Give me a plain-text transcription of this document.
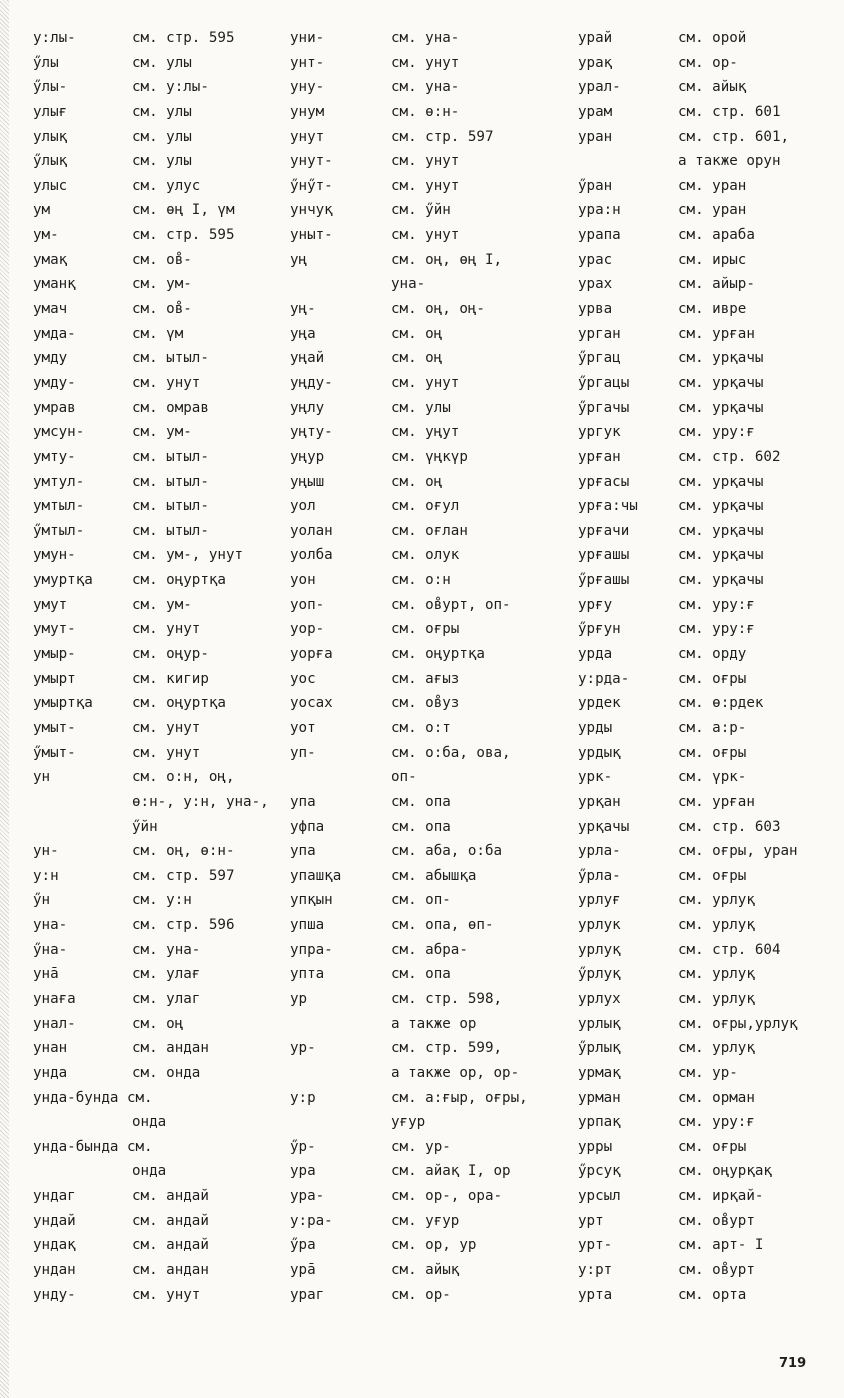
у:лы-	см. стр. 595
ӳлы	см. улы
ӳлы-	см. у:лы-
улығ	см. улы
улық	см. улы
ӳлық	см. улы
улыс	см. улус
ум	см. өң I, үм
ум-	см. стр. 595
умақ	см. ов̊-
уманқ	см. ум-
умач	см. ов̊-
умда-	см. үм
умду	см. ытыл-
умду-	см. унут
умрав	см. омрав
умсун-	см. ум-
умту-	см. ытыл-
умтул-	см. ытыл-
умтыл-	см. ытыл-
ӳмтыл-	см. ытыл-
умун-	см. ум-, унут
умуртқа	см. оңуртқа
умут	см. ум-
умут-	см. унут
умыр-	см. оңур-
умырт	см. кигир
умыртқа	см. оңуртқа
умыт-	см. унут
ӳмыт-	см. унут
ун	см. о:н, оң,
ө:н-, у:н, уна-,
ӳйн
ун-	см. оң, ө:н-
у:н	см. стр. 597
ӳн	см. у:н
уна-	см. стр. 596
ӳна-	см. уна-
унā	см. улағ
унаға	см. улаг
унал-	см. оң
унан	см. андан
унда	см. онда
унда-бунда см.
онда
унда-бында см.
онда
ундаг	см. андай
ундай	см. андай
ундақ	см. андай
ундан	см. андан
унду-	см. унут
уни-	см. уна-
унт-	см. унут
уну-	см. уна-
унум	см. ө:н-
унут	см. стр. 597
унут-	см. унут
ӳнӳт-	см. унут
унчуқ	см. ӳйн
уныт-	см. унут
уң	см. оң, өң I,
уна-
уң-	см. оң, оң-
уңа	см. оң
уңай	см. оң
уңду-	см. унут
уңлу	см. улы
уңту-	см. уңут
уңур	см. үңкүр
уңыш	см. оң
уол	см. оғул
уолан	см. оғлан
уолба	см. олук
уон	см. о:н
уоп-	см. ов̊урт, оп-
уор-	см. оғры
уорға	см. оңуртқа
уос	см. ағыз
уосах	см. ов̊уз
уот	см. о:т
уп-	см. о:ба, ова,
оп-
упа	см. опа
уфпа	см. опа
упа	см. аба, о:ба
упашқа	см. абышқа
упқын	см. оп-
упша	см. опа, өп-
упра-	см. абра-
упта	см. опа
ур	см. стр. 598,
а также ор
ур-	см. стр. 599,
а также ор, ор-
у:р	см. а:ғыр, оғры,
уғур
ӳр-	см. ур-
ура	см. айақ I, ор
ура-	см. ор-, ора-
у:ра-	см. уғур
ӳра	см. ор, ур
урā	см. айық
ураг	см. ор-
урай	см. орой
урақ	см. ор-
урал-	см. айық
урам	см. стр. 601
уран	см. стр. 601,
а также орун
ӳран	см. уран
ура:н	см. уран
урапа	см. араба
урас	см. ирыс
урах	см. айыр-
урва	см. ивре
урган	см. урған
ӳргац	см. урқачы
ӳргацы	см. урқачы
ӳргачы	см. урқачы
ургук	см. уру:ғ
урған	см. стр. 602
урғасы	см. урқачы
урға:чы	см. урқачы
урғачи	см. урқачы
урғашы	см. урқачы
ӳрғашы	см. урқачы
урғу	см. уру:ғ
ӳрғун	см. уру:ғ
урда	см. орду
у:рда-	см. оғры
урдек	см. ө:рдек
урды	см. а:р-
урдық	см. оғры
урк-	см. үрк-
урқан	см. урған
урқачы	см. стр. 603
урла-	см. оғры, уран
ӳрла-	см. оғры
урлуғ	см. урлуқ
урлук	см. урлуқ
урлуқ	см. стр. 604
ӳрлуқ	см. урлуқ
урлух	см. урлуқ
урлық	см. оғры,урлуқ
ӳрлық	см. урлуқ
урмақ	см. ур-
урман	см. орман
урпақ	см. уру:ғ
урры	см. оғры
ӳрсуқ	см. оңурқақ
урсыл	см. ирқай-
урт	см. ов̊урт
урт-	см. арт- I
у:рт	см. ов̊урт
урта	см. орта
719
